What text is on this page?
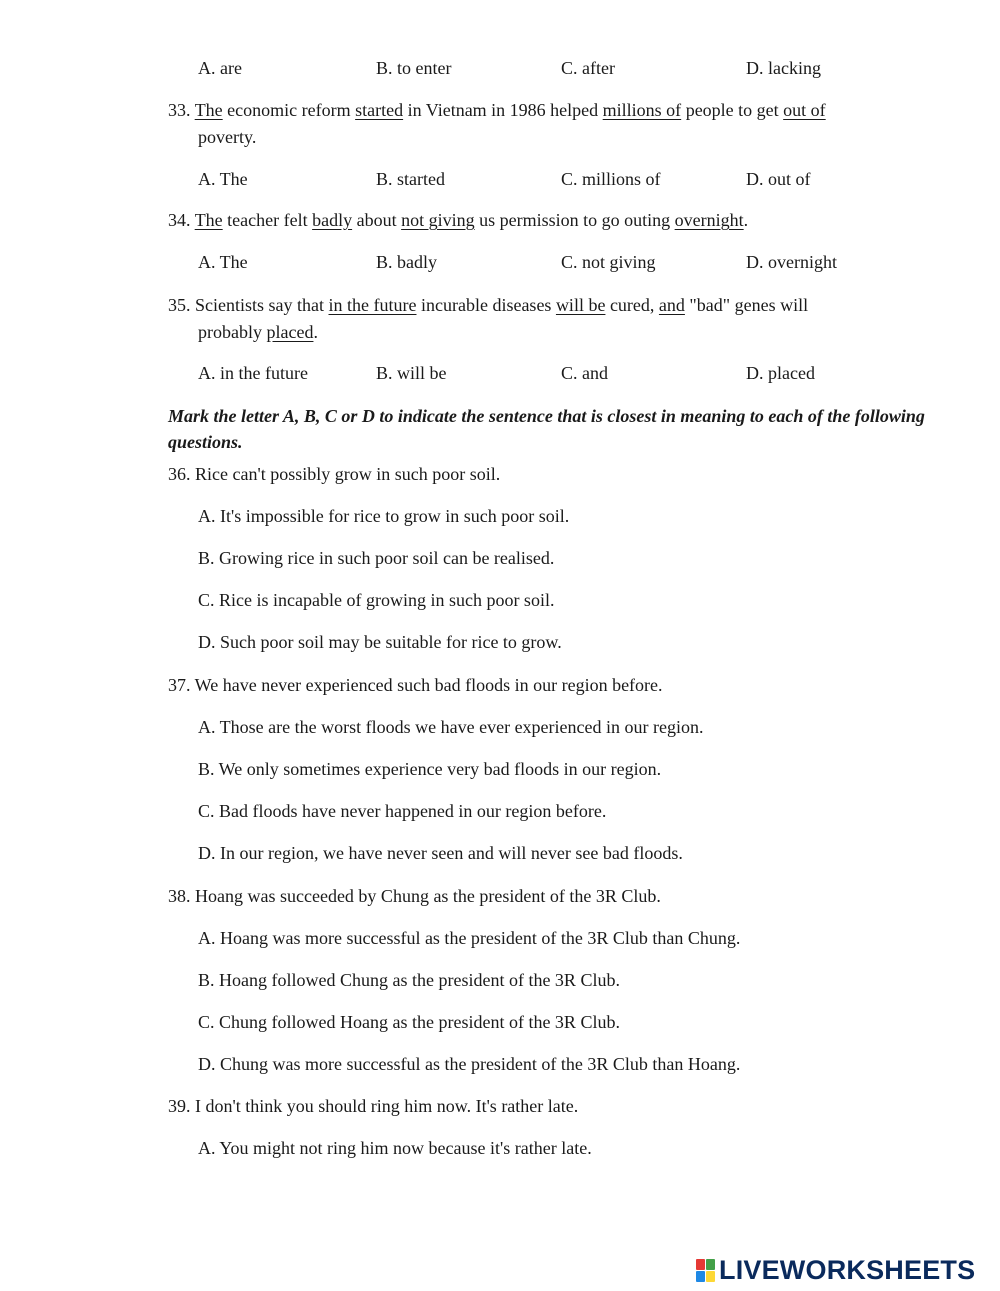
A. are	B. to enter	C. after	D. lacking
33. The economic reform started in Vietnam in 1986 helped millions of people to get out of
poverty.
A. The	B. started	C. millions of	D. out of
34. The teacher felt badly about not giving us permission to go outing overnight.
A. The	B. badly	C. not giving	D. overnight
35. Scientists say that in the future incurable diseases will be cured, and "bad" genes will
probably placed.
A. in the future	B. will be	C. and	D. placed
Mark the letter A, B, C or D to indicate the sentence that is closest in meaning to each of the following questions.
36. Rice can't possibly grow in such poor soil.
A. It's impossible for rice to grow in such poor soil.
B. Growing rice in such poor soil can be realised.
C. Rice is incapable of growing in such poor soil.
D. Such poor soil may be suitable for rice to grow.
37. We have never experienced such bad floods in our region before.
A. Those are the worst floods we have ever experienced in our region.
B. We only sometimes experience very bad floods in our region.
C. Bad floods have never happened in our region before.
D. In our region, we have never seen and will never see bad floods.
38. Hoang was succeeded by Chung as the president of the 3R Club.
A. Hoang was more successful as the president of the 3R Club than Chung.
B. Hoang followed Chung as the president of the 3R Club.
C. Chung followed Hoang as the president of the 3R Club.
D. Chung was more successful as the president of the 3R Club than Hoang.
39. I don't think you should ring him now. It's rather late.
A. You might not ring him now because it's rather late.
LIVEWORKSHEETS
